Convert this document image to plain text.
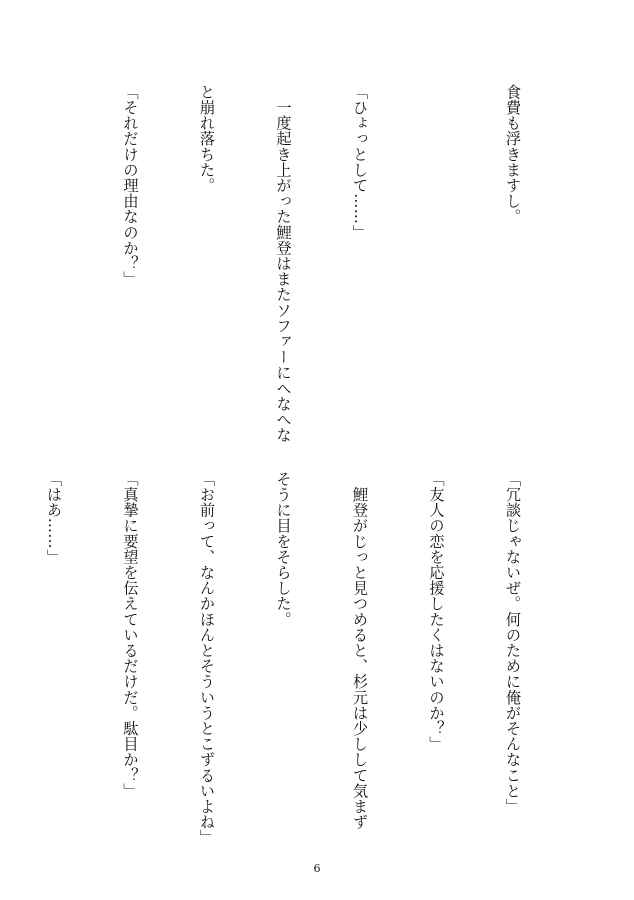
食費も浮きますし。

「ひょっとして……」

　一度起き上がった鯉登はまたソファーにへなへな

と崩れ落ちた。

「それだけの理由なのか？」

「冗談じゃないぜ。何のために俺がそんなこと」

「友人の恋を応援したくはないのか？」

　鯉登がじっと見つめると、杉元は少しして気まず

そうに目をそらした。

「お前って、なんかほんとそういうとこずるいよね」

「真摯に要望を伝えているだけだ。駄目か？」

「はあ……」

6
